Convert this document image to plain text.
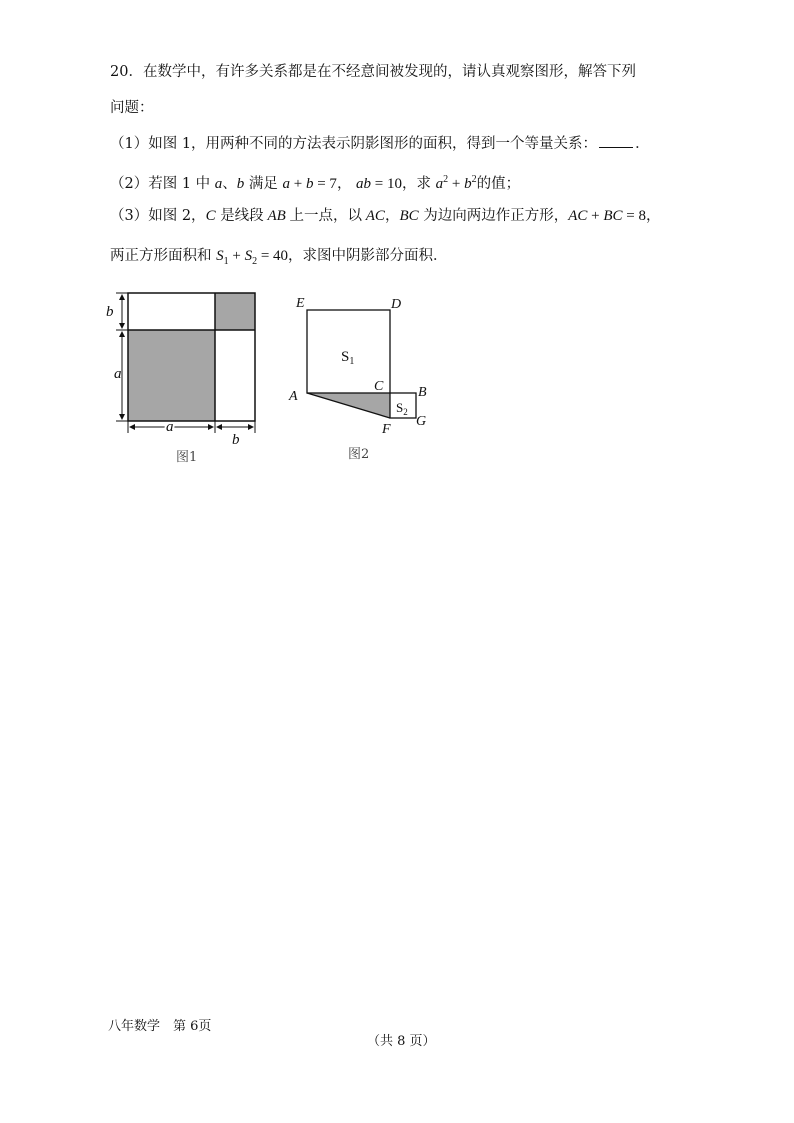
20．在数学中，有许多关系都是在不经意间被发现的，请认真观察图形，解答下列
问题：
（1）如图 1，用两种不同的方法表示阴影图形的面积，得到一个等量关系：	．
（2）若图 1 中 a、b 满足 a + b = 7， ab = 10，求 $a^2 + b^2$的值；
（3）如图 2，C 是线段 AB 上一点，以 AC，BC 为边向两边作正方形，AC + BC = 8，
两正方形面积和 $S_1 + S_2 = 40$，求图中阴影部分面积．
b
a
a
b
图1
E	D
$S_1$
A
C B
$S_2$
F
G
图2
八年数学　第 6页
（共 8 页）
